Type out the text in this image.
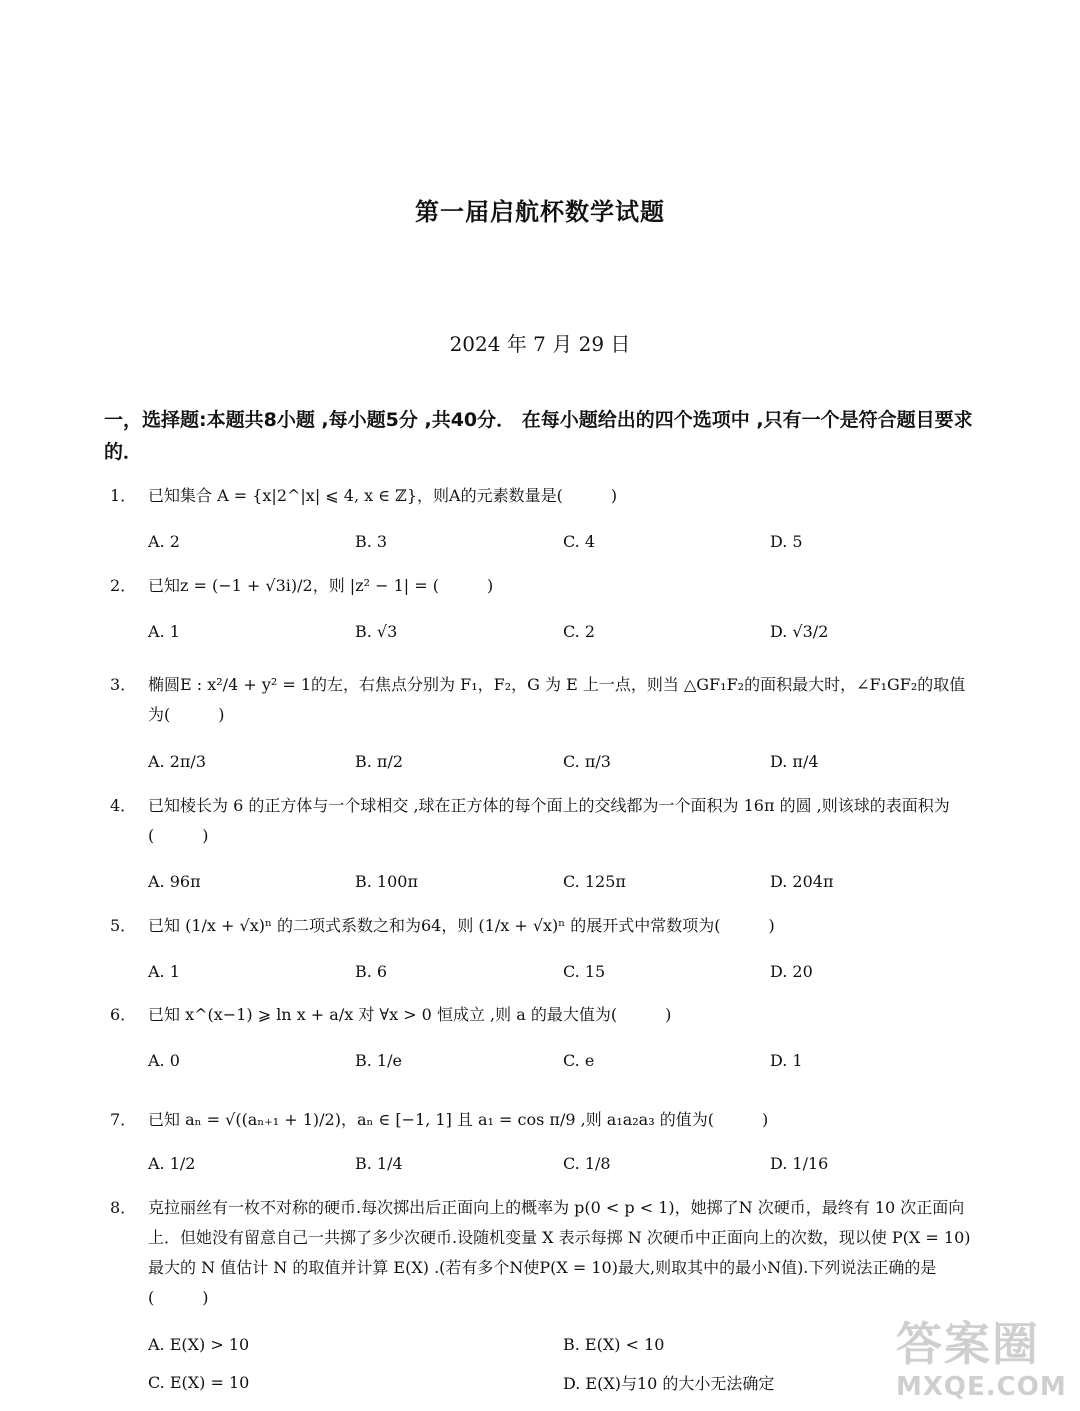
第一届启航杯数学试题
2024 年 7 月 29 日
一，选择题:本题共8小题 ,每小题5分 ,共40分． 在每小题给出的四个选项中 ,只有一个是符合题目要求的．
1． 已知集合 A = {x|2^|x| ⩽ 4, x ∈ ℤ}，则A的元素数量是(　　　)
A. 2	B. 3	C. 4	D. 5
2． 已知z = (−1 + √3i)/2，则 |z² − 1| = (　　　)
A. 1	B. √3	C. 2	D. √3/2
3． 椭圆E : x²/4 + y² = 1的左，右焦点分别为 F₁，F₂，G 为 E 上一点，则当 △GF₁F₂的面积最大时，∠F₁GF₂的取值为(　　　)
A. 2π/3	B. π/2	C. π/3	D. π/4
4． 已知棱长为 6 的正方体与一个球相交 ,球在正方体的每个面上的交线都为一个面积为 16π 的圆 ,则该球的表面积为(　　　)
A. 96π	B. 100π	C. 125π	D. 204π
5． 已知 (1/x + √x)ⁿ 的二项式系数之和为64，则 (1/x + √x)ⁿ 的展开式中常数项为(　　　)
A. 1	B. 6	C. 15	D. 20
6． 已知 x^(x−1) ⩾ ln x + a/x 对 ∀x > 0 恒成立 ,则 a 的最大值为(　　　)
A. 0	B. 1/e	C. e	D. 1
7． 已知 aₙ = √((aₙ₊₁ + 1)/2)，aₙ ∈ [−1, 1] 且 a₁ = cos π/9 ,则 a₁a₂a₃ 的值为(　　　)
A. 1/2	B. 1/4	C. 1/8	D. 1/16
8． 克拉丽丝有一枚不对称的硬币.每次掷出后正面向上的概率为 p(0 < p < 1)，她掷了N 次硬币，最终有 10 次正面向上．但她没有留意自己一共掷了多少次硬币.设随机变量 X 表示每掷 N 次硬币中正面向上的次数，现以使 P(X = 10) 最大的 N 值估计 N 的取值并计算 E(X) .(若有多个N使P(X = 10)最大,则取其中的最小N值).下列说法正确的是(　　　)
A. E(X) > 10	B. E(X) < 10
C. E(X) = 10	D. E(X)与10 的大小无法确定
答案圈
MXQE.COM
